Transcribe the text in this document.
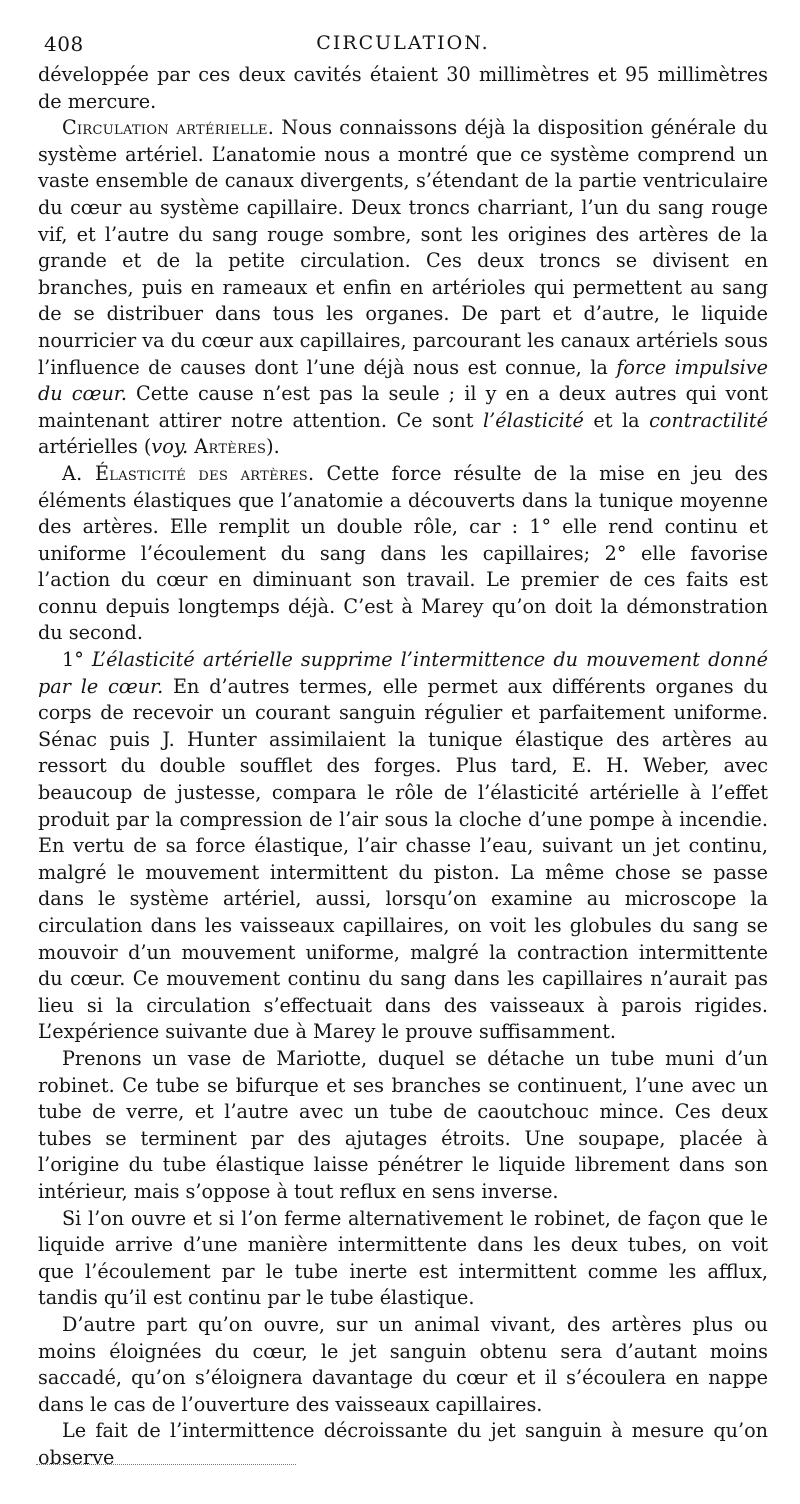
408	CIRCULATION.

développée par ces deux cavités étaient 30 millimètres et 95 millimètres de mercure.

Circulation artérielle. Nous connaissons déjà la disposition générale du système artériel. L’anatomie nous a montré que ce système comprend un vaste ensemble de canaux divergents, s’étendant de la partie ventriculaire du cœur au système capillaire. Deux troncs charriant, l’un du sang rouge vif, et l’autre du sang rouge sombre, sont les origines des artères de la grande et de la petite circulation. Ces deux troncs se divisent en branches, puis en rameaux et enfin en artérioles qui permettent au sang de se distribuer dans tous les organes. De part et d’autre, le liquide nourricier va du cœur aux capillaires, parcourant les canaux artériels sous l’influence de causes dont l’une déjà nous est connue, la force impulsive du cœur. Cette cause n’est pas la seule ; il y en a deux autres qui vont maintenant attirer notre attention. Ce sont l’élasticité et la contractilité artérielles (voy. Artères).

A. Élasticité des artères. Cette force résulte de la mise en jeu des éléments élastiques que l’anatomie a découverts dans la tunique moyenne des artères. Elle remplit un double rôle, car : 1° elle rend continu et uniforme l’écoulement du sang dans les capillaires; 2° elle favorise l’action du cœur en diminuant son travail. Le premier de ces faits est connu depuis longtemps déjà. C’est à Marey qu’on doit la démonstration du second.

1° L’élasticité artérielle supprime l’intermittence du mouvement donné par le cœur. En d’autres termes, elle permet aux différents organes du corps de recevoir un courant sanguin régulier et parfaitement uniforme. Sénac puis J. Hunter assimilaient la tunique élastique des artères au ressort du double soufflet des forges. Plus tard, E. H. Weber, avec beaucoup de justesse, compara le rôle de l’élasticité artérielle à l’effet produit par la compression de l’air sous la cloche d’une pompe à incendie. En vertu de sa force élastique, l’air chasse l’eau, suivant un jet continu, malgré le mouvement intermittent du piston. La même chose se passe dans le système artériel, aussi, lorsqu’on examine au microscope la circulation dans les vaisseaux capillaires, on voit les globules du sang se mouvoir d’un mouvement uniforme, malgré la contraction intermittente du cœur. Ce mouvement continu du sang dans les capillaires n’aurait pas lieu si la circulation s’effectuait dans des vaisseaux à parois rigides. L’expérience suivante due à Marey le prouve suffisamment.

Prenons un vase de Mariotte, duquel se détache un tube muni d’un robinet. Ce tube se bifurque et ses branches se continuent, l’une avec un tube de verre, et l’autre avec un tube de caoutchouc mince. Ces deux tubes se terminent par des ajutages étroits. Une soupape, placée à l’origine du tube élastique laisse pénétrer le liquide librement dans son intérieur, mais s’oppose à tout reflux en sens inverse.

Si l’on ouvre et si l’on ferme alternativement le robinet, de façon que le liquide arrive d’une manière intermittente dans les deux tubes, on voit que l’écoulement par le tube inerte est intermittent comme les afflux, tandis qu’il est continu par le tube élastique.

D’autre part qu’on ouvre, sur un animal vivant, des artères plus ou moins éloignées du cœur, le jet sanguin obtenu sera d’autant moins saccadé, qu’on s’éloignera davantage du cœur et il s’écoulera en nappe dans le cas de l’ouverture des vaisseaux capillaires.

Le fait de l’intermittence décroissante du jet sanguin à mesure qu’on observe
